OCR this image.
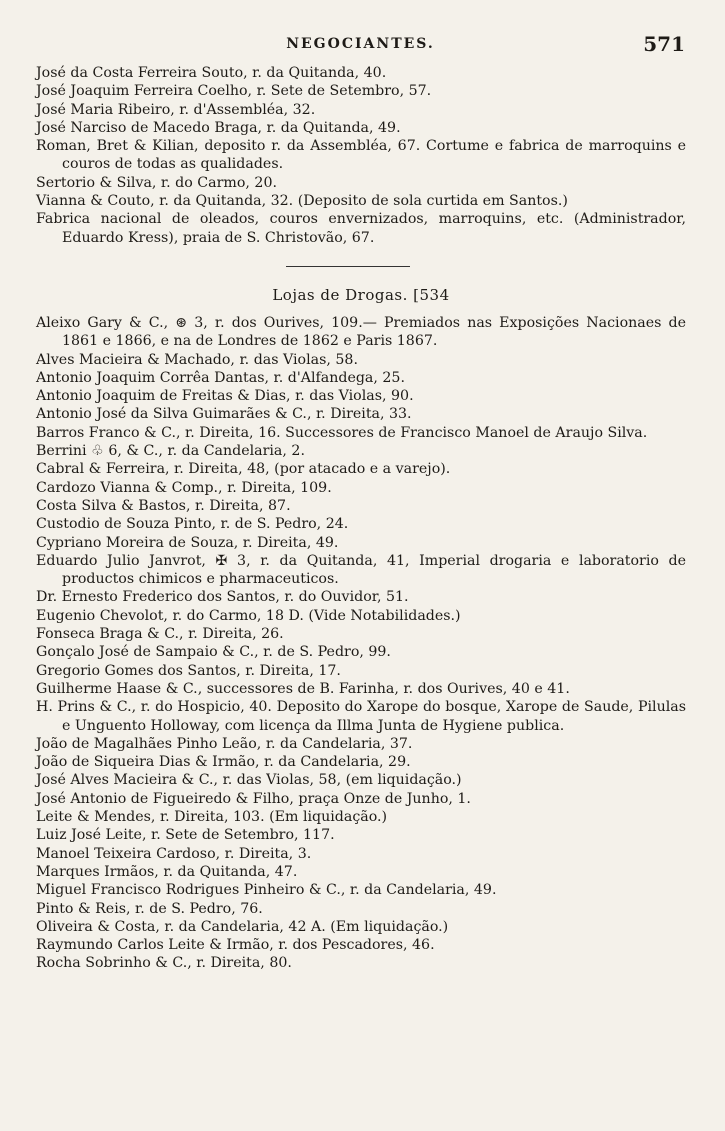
NEGOCIANTES.	571
José da Costa Ferreira Souto, r. da Quitanda, 40.
José Joaquim Ferreira Coelho, r. Sete de Setembro, 57.
José Maria Ribeiro, r. d'Assembléa, 32.
José Narciso de Macedo Braga, r. da Quitanda, 49.
Roman, Bret & Kilian, deposito r. da Assembléa, 67. Cortume e fabrica de marroquins e couros de todas as qualidades.
Sertorio & Silva, r. do Carmo, 20.
Vianna & Couto, r. da Quitanda, 32. (Deposito de sola curtida em Santos.)
Fabrica nacional de oleados, couros envernizados, marroquins, etc. (Administrador, Eduardo Kress), praia de S. Christovão, 67.
Lojas de Drogas. [534
Aleixo Gary & C., ⊛ 3, r. dos Ourives, 109.— Premiados nas Exposições Nacionaes de 1861 e 1866, e na de Londres de 1862 e Paris 1867.
Alves Macieira & Machado, r. das Violas, 58.
Antonio Joaquim Corrêa Dantas, r. d'Alfandega, 25.
Antonio Joaquim de Freitas & Dias, r. das Violas, 90.
Antonio José da Silva Guimarães & C., r. Direita, 33.
Barros Franco & C., r. Direita, 16. Successores de Francisco Manoel de Araujo Silva.
Berrini ♧ 6, & C., r. da Candelaria, 2.
Cabral & Ferreira, r. Direita, 48, (por atacado e a varejo).
Cardozo Vianna & Comp., r. Direita, 109.
Costa Silva & Bastos, r. Direita, 87.
Custodio de Souza Pinto, r. de S. Pedro, 24.
Cypriano Moreira de Souza, r. Direita, 49.
Eduardo Julio Janvrot, ✠ 3, r. da Quitanda, 41, Imperial drogaria e laboratorio de productos chimicos e pharmaceuticos.
Dr. Ernesto Frederico dos Santos, r. do Ouvidor, 51.
Eugenio Chevolot, r. do Carmo, 18 D. (Vide Notabilidades.)
Fonseca Braga & C., r. Direita, 26.
Gonçalo José de Sampaio & C., r. de S. Pedro, 99.
Gregorio Gomes dos Santos, r. Direita, 17.
Guilherme Haase & C., successores de B. Farinha, r. dos Ourives, 40 e 41.
H. Prins & C., r. do Hospicio, 40. Deposito do Xarope do bosque, Xarope de Saude, Pilulas e Unguento Holloway, com licença da Illma Junta de Hygiene publica.
João de Magalhães Pinho Leão, r. da Candelaria, 37.
João de Siqueira Dias & Irmão, r. da Candelaria, 29.
José Alves Macieira & C., r. das Violas, 58, (em liquidação.)
José Antonio de Figueiredo & Filho, praça Onze de Junho, 1.
Leite & Mendes, r. Direita, 103. (Em liquidação.)
Luiz José Leite, r. Sete de Setembro, 117.
Manoel Teixeira Cardoso, r. Direita, 3.
Marques Irmãos, r. da Quitanda, 47.
Miguel Francisco Rodrigues Pinheiro & C., r. da Candelaria, 49.
Pinto & Reis, r. de S. Pedro, 76.
Oliveira & Costa, r. da Candelaria, 42 A. (Em liquidação.)
Raymundo Carlos Leite & Irmão, r. dos Pescadores, 46.
Rocha Sobrinho & C., r. Direita, 80.
